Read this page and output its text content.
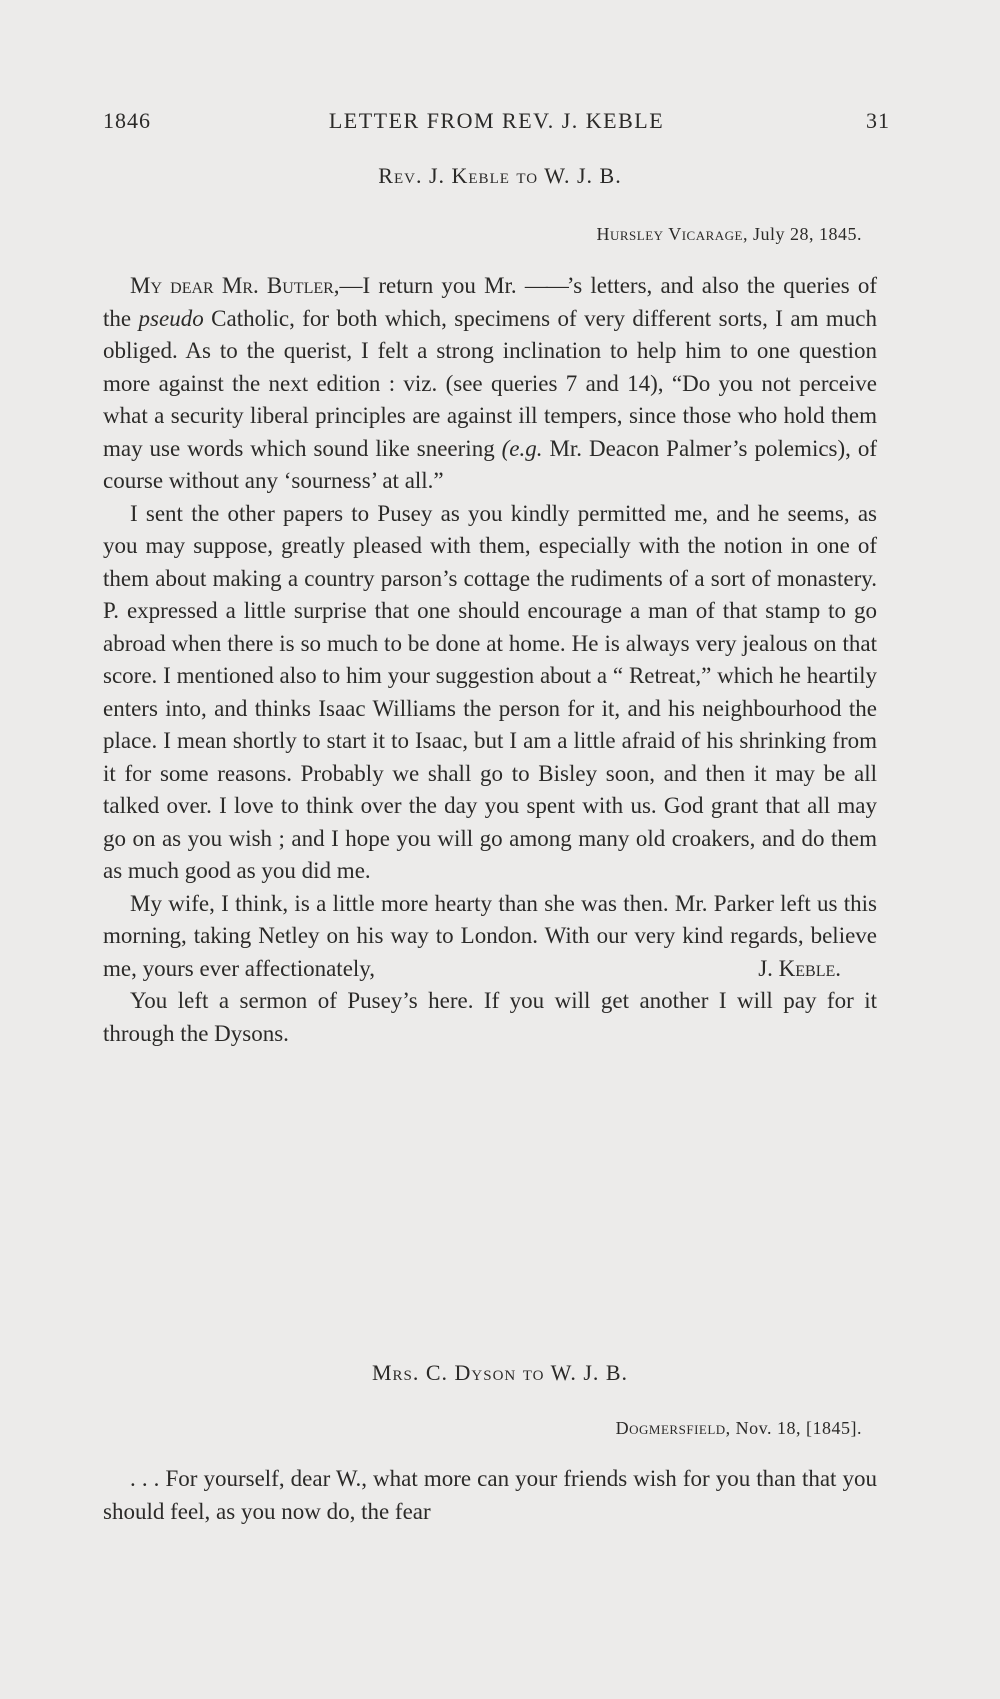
1846	LETTER FROM REV. J. KEBLE	31
Rev. J. Keble to W. J. B.
Hursley Vicarage, July 28, 1845.

My dear Mr. Butler,—I return you Mr. ——’s letters, and also the queries of the pseudo Catholic, for both which, specimens of very different sorts, I am much obliged. As to the querist, I felt a strong inclination to help him to one question more against the next edition : viz. (see queries 7 and 14), “Do you not perceive what a security liberal principles are against ill tempers, since those who hold them may use words which sound like sneering (e.g. Mr. Deacon Palmer’s polemics), of course without any ‘sourness’ at all.”

I sent the other papers to Pusey as you kindly permitted me, and he seems, as you may suppose, greatly pleased with them, especially with the notion in one of them about making a country parson’s cottage the rudiments of a sort of monastery. P. expressed a little surprise that one should encourage a man of that stamp to go abroad when there is so much to be done at home. He is always very jealous on that score. I mentioned also to him your suggestion about a “ Retreat,” which he heartily enters into, and thinks Isaac Williams the person for it, and his neighbourhood the place. I mean shortly to start it to Isaac, but I am a little afraid of his shrinking from it for some reasons. Probably we shall go to Bisley soon, and then it may be all talked over. I love to think over the day you spent with us. God grant that all may go on as you wish ; and I hope you will go among many old croakers, and do them as much good as you did me.

My wife, I think, is a little more hearty than she was then. Mr. Parker left us this morning, taking Netley on his way to London. With our very kind regards, believe me, yours ever affectionately,	J. Keble.

You left a sermon of Pusey’s here. If you will get another I will pay for it through the Dysons.

Mrs. C. Dyson to W. J. B.
Dogmersfield, Nov. 18, [1845].

. . . For yourself, dear W., what more can your friends wish for you than that you should feel, as you now do, the fear
